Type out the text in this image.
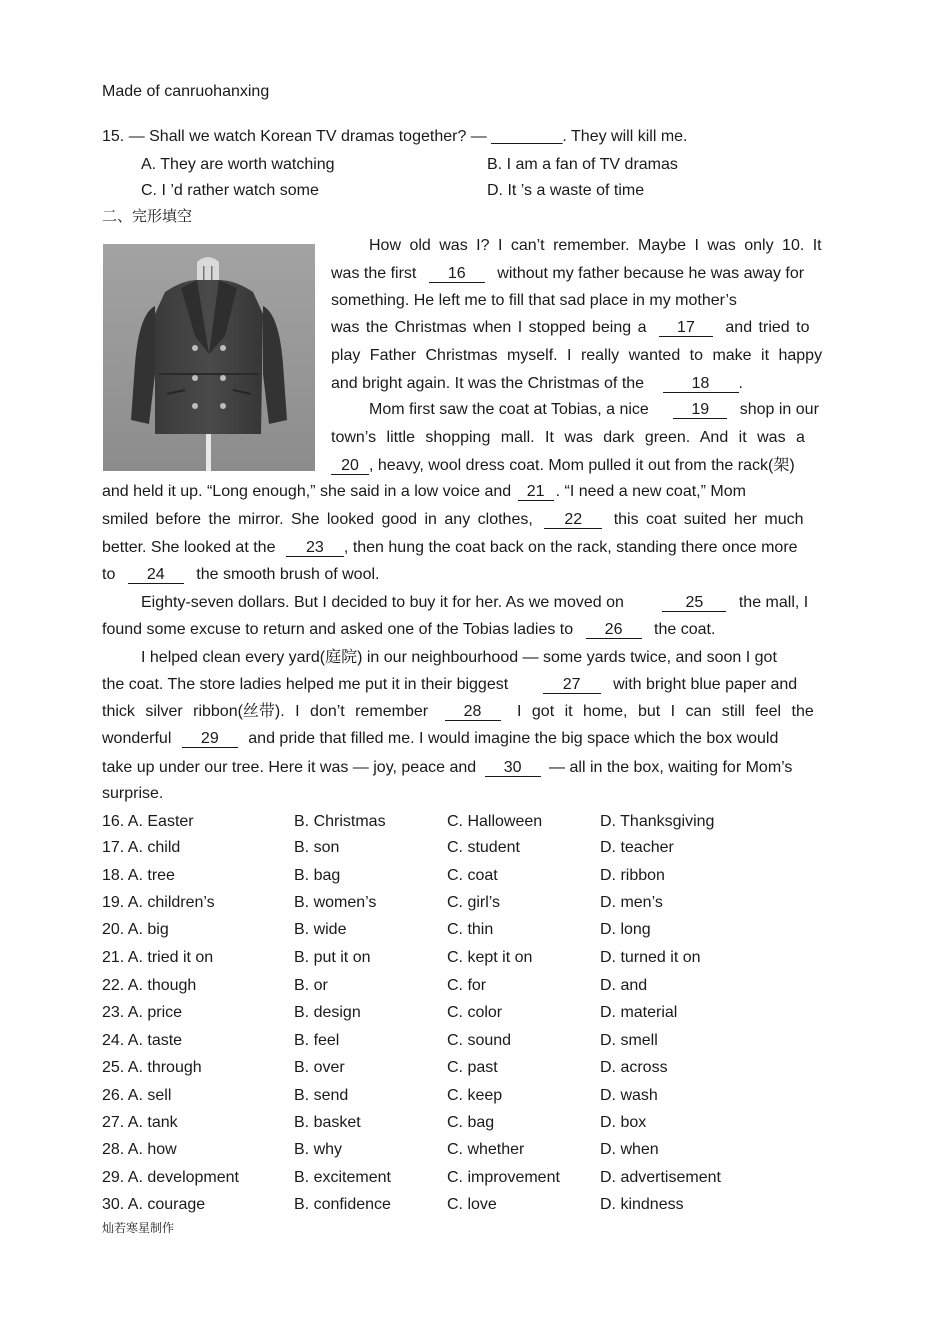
Made of canruohanxing
15. — Shall we watch Korean TV dramas together? — ________. They will kill me.
A. They are worth watching	B. I am a fan of TV dramas
C. I ’d rather watch some	D. It ’s a waste of time
二、完形填空
How old was I? I can’t remember. Maybe I was only 10. It
was the first 16 without my father because he was away for
something. He left me to fill that sad place in my mother’s
was the Christmas when I stopped being a 17 and tried to
play Father Christmas myself. I really wanted to make it happy
and bright again. It was the Christmas of the	18 .
Mom first saw the coat at Tobias, a nice	19 shop in our
town’s little shopping mall. It was dark green. And it was a
20 , heavy, wool dress coat. Mom pulled it out from the rack(架)
and held it up. “Long enough,” she said in a low voice and 21 . “I need a new coat,” Mom
smiled before the mirror. She looked good in any clothes, 22 this coat suited her much
better. She looked at the 23 , then hung the coat back on the rack, standing there once more
to 24 the smooth brush of wool.
Eighty-seven dollars. But I decided to buy it for her. As we moved on	25 the mall, I
found some excuse to return and asked one of the Tobias ladies to 26 the coat.
I helped clean every yard(庭院) in our neighbourhood — some yards twice, and soon I got
the coat. The store ladies helped me put it in their biggest	27 with bright blue paper and
thick silver ribbon(丝带). I don’t remember 28 I got it home, but I can still feel the
wonderful 29 and pride that filled me. I would imagine the big space which the box would
take up under our tree. Here it was — joy, peace and 30 — all in the box, waiting for Mom’s
surprise.
16. A. Easter	B. Christmas	C. Halloween	D. Thanksgiving
17. A. child	B. son	C. student	D. teacher
18. A. tree	B. bag	C. coat	D. ribbon
19. A. children’s	B. women’s	C. girl’s	D. men’s
20. A. big	B. wide	C. thin	D. long
21. A. tried it on	B. put it on	C. kept it on	D. turned it on
22. A. though	B. or	C. for	D. and
23. A. price	B. design	C. color	D. material
24. A. taste	B. feel	C. sound	D. smell
25. A. through	B. over	C. past	D. across
26. A. sell	B. send	C. keep	D. wash
27. A. tank	B. basket	C. bag	D. box
28. A. how	B. why	C. whether	D. when
29. A. development	B. excitement	C. improvement	D. advertisement
30. A. courage	B. confidence	C. love	D. kindness
灿若寒星制作
